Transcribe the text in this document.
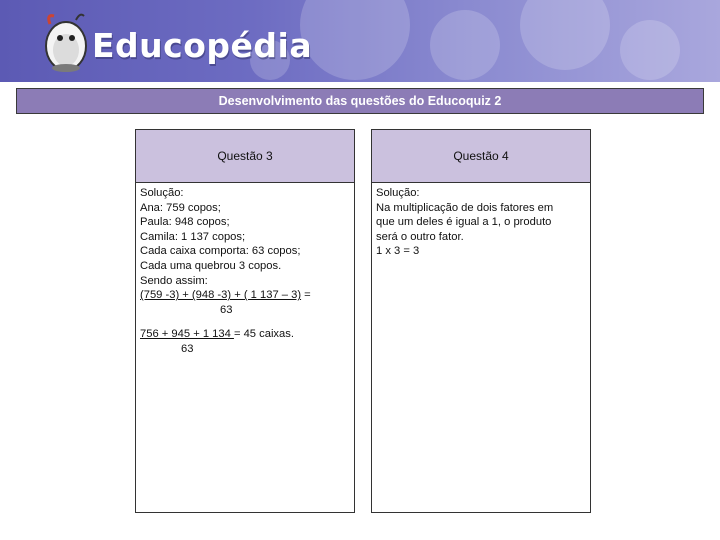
Educopédia
Desenvolvimento das questões do Educoquiz 2
Questão 3
Solução:
Ana: 759 copos;
Paula: 948 copos;
Camila: 1 137 copos;
Cada caixa comporta: 63 copos;
Cada uma quebrou 3 copos.
Sendo assim:
(759 -3) + (948 -3) + ( 1 137 – 3) =
63
756 + 945 + 1 134 = 45 caixas.
63
Questão 4
Solução:
Na multiplicação de dois fatores em
que um deles é igual a 1, o produto
será o outro fator.
1 x 3 = 3
